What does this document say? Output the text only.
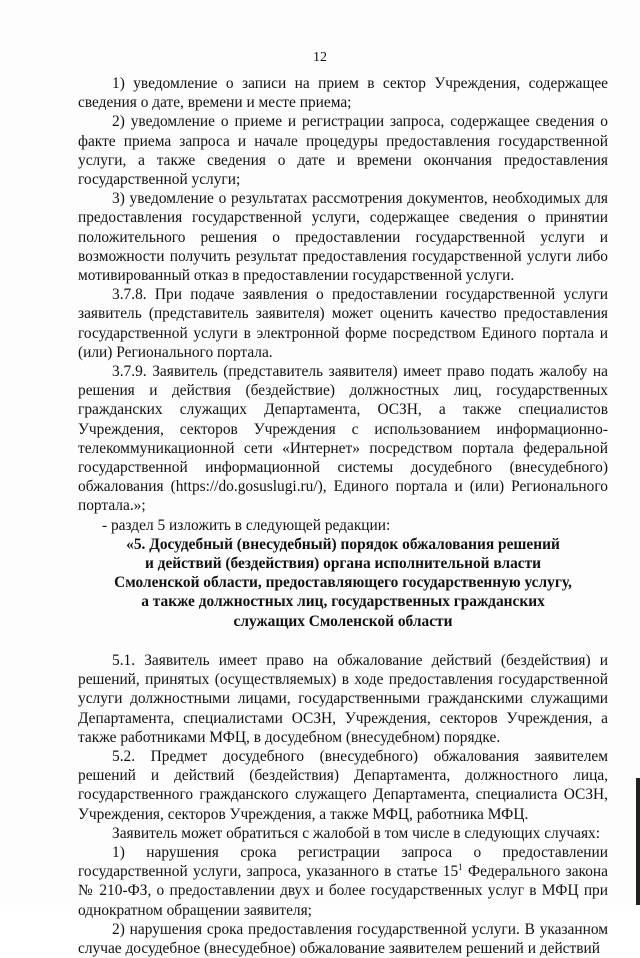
12

1) уведомление о записи на прием в сектор Учреждения, содержащее сведения о дате, времени и месте приема;

2) уведомление о приеме и регистрации запроса, содержащее сведения о факте приема запроса и начале процедуры предоставления государственной услуги, а также сведения о дате и времени окончания предоставления государственной услуги;

3) уведомление о результатах рассмотрения документов, необходимых для предоставления государственной услуги, содержащее сведения о принятии положительного решения о предоставлении государственной услуги и возможности получить результат предоставления государственной услуги либо мотивированный отказ в предоставлении государственной услуги.

3.7.8. При подаче заявления о предоставлении государственной услуги заявитель (представитель заявителя) может оценить качество предоставления государственной услуги в электронной форме посредством Единого портала и (или) Регионального портала.

3.7.9. Заявитель (представитель заявителя) имеет право подать жалобу на решения и действия (бездействие) должностных лиц, государственных гражданских служащих Департамента, ОСЗН, а также специалистов Учреждения, секторов Учреждения с использованием информационно-телекоммуникационной сети «Интернет» посредством портала федеральной государственной информационной системы досудебного (внесудебного) обжалования (https://do.gosuslugi.ru/), Единого портала и (или) Регионального портала.»;

- раздел 5 изложить в следующей редакции:

«5. Досудебный (внесудебный) порядок обжалования решений
и действий (бездействия) органа исполнительной власти
Смоленской области, предоставляющего государственную услугу,
а также должностных лиц, государственных гражданских
служащих Смоленской области

5.1. Заявитель имеет право на обжалование действий (бездействия) и решений, принятых (осуществляемых) в ходе предоставления государственной услуги должностными лицами, государственными гражданскими служащими Департамента, специалистами ОСЗН, Учреждения, секторов Учреждения, а также работниками МФЦ, в досудебном (внесудебном) порядке.

5.2. Предмет досудебного (внесудебного) обжалования заявителем решений и действий (бездействия) Департамента, должностного лица, государственного гражданского служащего Департамента, специалиста ОСЗН, Учреждения, секторов Учреждения, а также МФЦ, работника МФЦ.

Заявитель может обратиться с жалобой в том числе в следующих случаях:

1) нарушения срока регистрации запроса о предоставлении государственной услуги, запроса, указанного в статье $15^1$ Федерального закона № 210-ФЗ, о предоставлении двух и более государственных услуг в МФЦ при однократном обращении заявителя;

2) нарушения срока предоставления государственной услуги. В указанном случае досудебное (внесудебное) обжалование заявителем решений и действий
